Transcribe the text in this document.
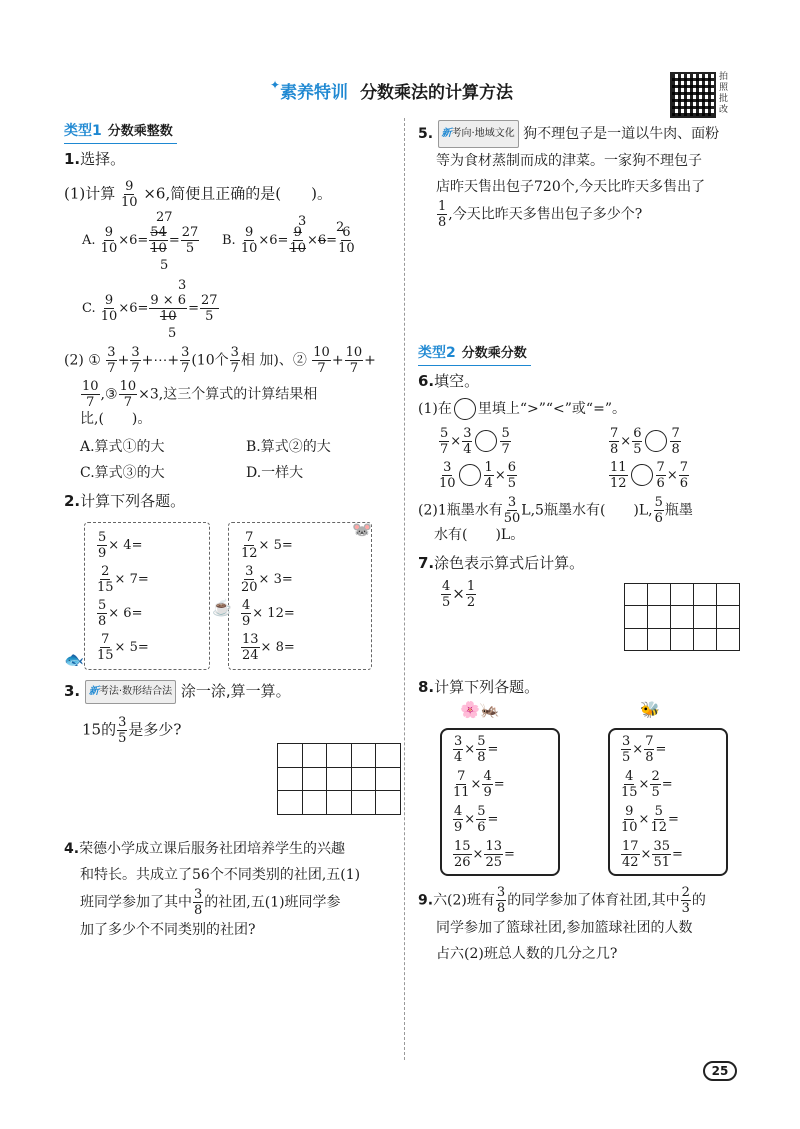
✦素养特训 分数乘法的计算方法
拍照批改
类型1 分数乘整数
1.选择。
(1)计算 $\frac{9}{10} \times 6$,简便且正确的是(　　)。
27
A. $\frac{9}{10} \times 6= \frac{54}{10} = \frac{27}{5}$
5
3 2
B. $\frac{9}{10} \times 6= \frac{9}{10} \times 6= \frac{6}{10}$
3
C. $\frac{9}{10} \times 6= \frac{9 \times 6}{10} = \frac{27}{5}$
5
(2) ① $\frac{3}{7} + \frac{3}{7}$ +⋯+ $\frac{3}{7} (10$个 $\frac{3}{7}$ 相 加)、② $\frac{10}{7} + \frac{10}{7}$ +
$\frac{10}{7}$ ,③ $\frac{10}{7} \times 3$,这三个算式的计算结果相
比,(　　)。
A.算式①的大	B.算式②的大
C.算式③的大	D.一样大
2.计算下列各题。
🐭
🐟
☕
$\frac{5}{9} \times 4=$
$\frac{2}{15} \times 7=$
$\frac{5}{8} \times 6=$
$\frac{7}{15} \times 5=$
$\frac{7}{12} \times 5=$
$\frac{3}{20} \times 3=$
$\frac{4}{9} \times 12=$
$\frac{13}{24} \times 8=$
3. 新考法·数形结合法 涂一涂,算一算。
15的 $\frac{3}{5}$ 是多少?

4.荣德小学成立课后服务社团培养学生的兴趣
和特长。共成立了56个不同类别的社团,五(1)
班同学参加了其中 $\frac{3}{8}$ 的社团,五(1)班同学参
加了多少个不同类别的社团?
5. 新考向·地域文化 狗不理包子是一道以牛肉、面粉
等为食材蒸制而成的津菜。一家狗不理包子
店昨天售出包子720个,今天比昨天多售出了
$\frac{1}{8}$ ,今天比昨天多售出包子多少个?
类型2 分数乘分数
6.填空。
(1)在 里填上“>”“<”或“=”。
$\frac{5}{7} \times \frac{3}{4} \frac{5}{7}$	$\frac{7}{8} \times \frac{6}{5} \frac{7}{8}$
$\frac{3}{10} \frac{1}{4} \times \frac{6}{5}$	$\frac{11}{12} \frac{7}{6} \times \frac{7}{6}$
(2)1瓶墨水有 $\frac{3}{50} L,5$瓶墨水有(　　)L, $\frac{5}{6}$ 瓶墨
水有(　　)L。
7.涂色表示算式后计算。
$\frac{4}{5} \times \frac{1}{2}$

8.计算下列各题。
🌸🦗	🐝
$\frac{3}{4} \times \frac{5}{8}$ =
$\frac{7}{11} \times \frac{4}{9}$ =
$\frac{4}{9} \times \frac{5}{6}$ =
$\frac{15}{26} \times \frac{13}{25}$ =
$\frac{3}{5} \times \frac{7}{8}$ =
$\frac{4}{15} \times \frac{2}{5}$ =
$\frac{9}{10} \times \frac{5}{12}$ =
$\frac{17}{42} \times \frac{35}{51}$ =
9.六(2)班有 $\frac{3}{8}$ 的同学参加了体育社团,其中 $\frac{2}{3}$ 的
同学参加了篮球社团,参加篮球社团的人数
占六(2)班总人数的几分之几?
25
